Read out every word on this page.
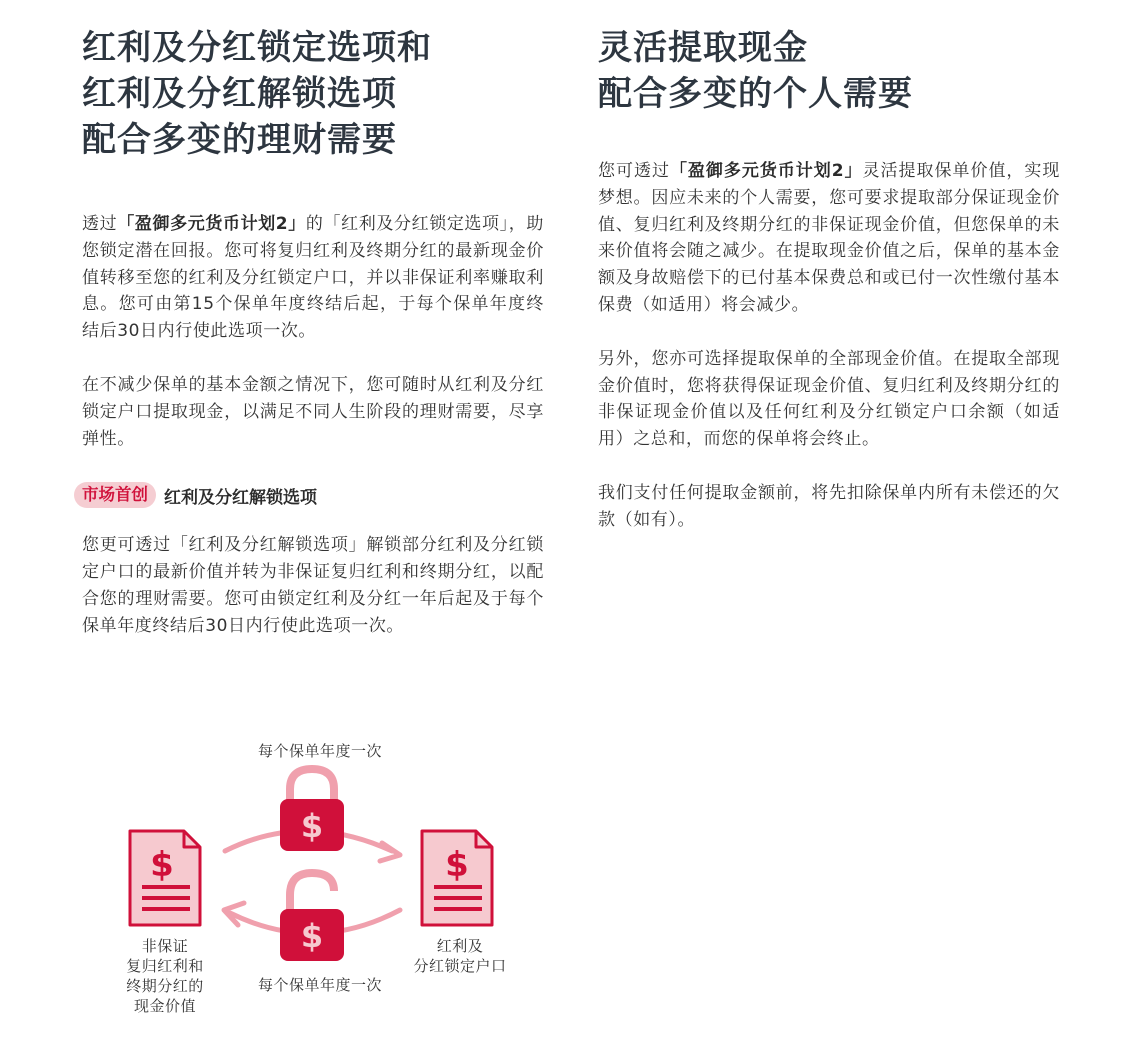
红利及分红锁定选项和
红利及分红解锁选项
配合多变的理财需要

透过「盈御多元货币计划2」的「红利及分红锁定选项」，助您锁定潜在回报。您可将复归红利及终期分红的最新现金价值转移至您的红利及分红锁定户口，并以非保证利率赚取利息。您可由第15个保单年度终结后起，于每个保单年度终结后30日内行使此选项一次。

在不减少保单的基本金额之情况下，您可随时从红利及分红锁定户口提取现金，以满足不同人生阶段的理财需要，尽享弹性。

市场首创 红利及分红解锁选项

您更可透过「红利及分红解锁选项」解锁部分红利及分红锁定户口的最新价值并转为非保证复归红利和终期分红，以配合您的理财需要。您可由锁定红利及分红一年后起及于每个保单年度终结后30日内行使此选项一次。

灵活提取现金
配合多变的个人需要

您可透过「盈御多元货币计划2」灵活提取保单价值，实现梦想。因应未来的个人需要，您可要求提取部分保证现金价值、复归红利及终期分红的非保证现金价值，但您保单的未来价值将会随之减少。在提取现金价值之后，保单的基本金额及身故赔偿下的已付基本保费总和或已付一次性缴付基本保费（如适用）将会减少。

另外，您亦可选择提取保单的全部现金价值。在提取全部现金价值时，您将获得保证现金价值、复归红利及终期分红的非保证现金价值以及任何红利及分红锁定户口余额（如适用）之总和，而您的保单将会终止。

我们支付任何提取金额前，将先扣除保单内所有未偿还的欠款（如有）。

每个保单年度一次
每个保单年度一次
$
$
$	$
非保证
复归红利和
终期分红的
现金价值
红利及
分红锁定户口
